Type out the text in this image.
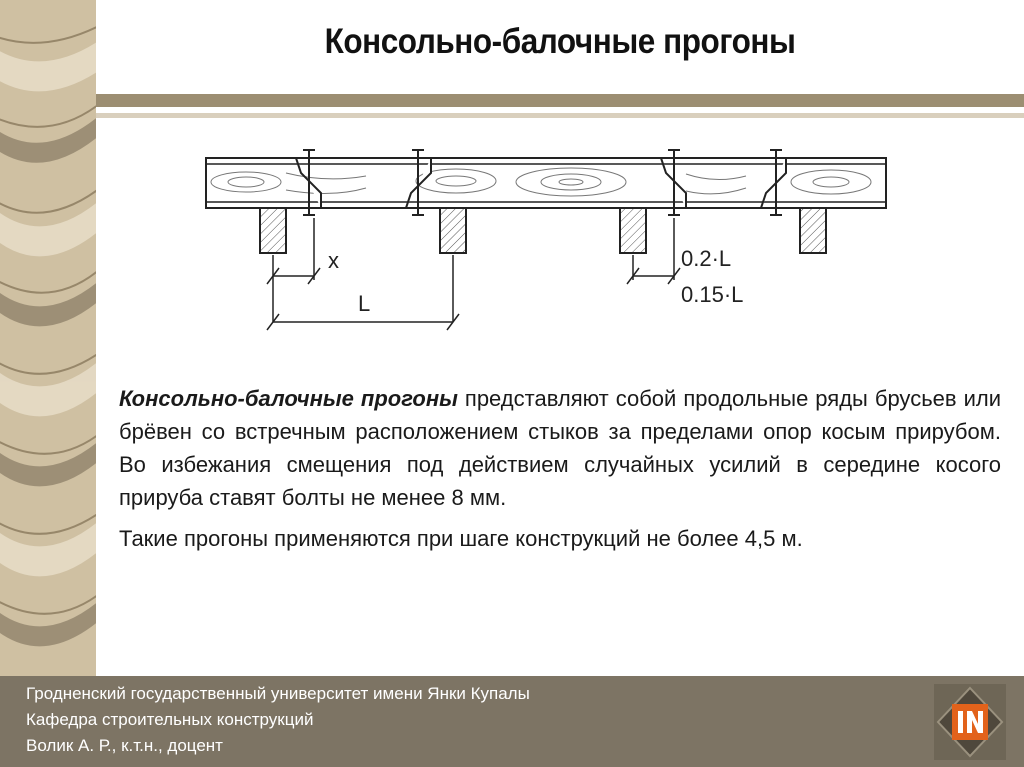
Консольно-балочные прогоны
x
L
0.2·L
0.15·L

Консольно-балочные прогоны представляют собой продольные ряды брусьев или брёвен со встречным расположением стыков за пределами опор косым прирубом. Во избежания смещения под действием случайных усилий в середине косого прируба ставят болты не менее 8 мм.

Такие прогоны применяются при шаге конструкций не более 4,5 м.

Гродненский государственный университет имени Янки Купалы
Кафедра строительных конструкций
Волик А. Р., к.т.н., доцент
